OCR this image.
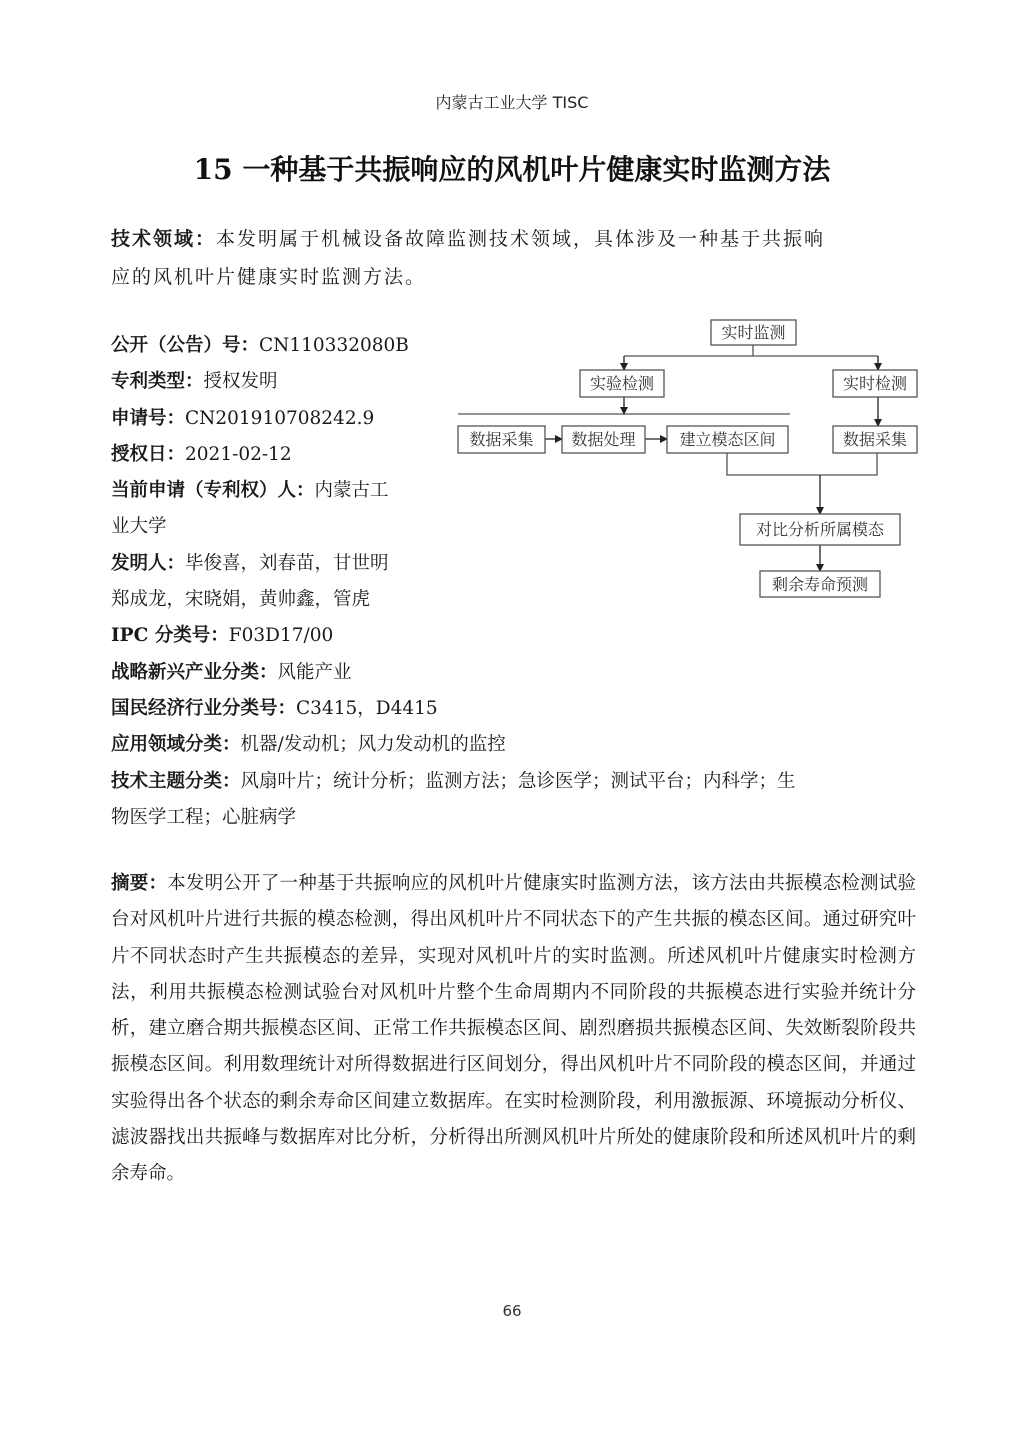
内蒙古工业大学 TISC
15 一种基于共振响应的风机叶片健康实时监测方法
技术领域：本发明属于机械设备故障监测技术领域，具体涉及一种基于共振响
应的风机叶片健康实时监测方法。
公开（公告）号：CN110332080B
专利类型：授权发明
申请号：CN201910708242.9
授权日：2021-02-12
当前申请（专利权）人：内蒙古工
业大学
发明人：毕俊喜，刘春苗，甘世明
郑成龙，宋晓娟，黄帅鑫，管虎
IPC 分类号：F03D17/00
战略新兴产业分类：风能产业
国民经济行业分类号：C3415，D4415
应用领域分类：机器/发动机；风力发动机的监控
技术主题分类：风扇叶片；统计分析；监测方法；急诊医学；测试平台；内科学；生
物医学工程；心脏病学
实时监测
实验检测	实时检测
数据采集 数据处理	建立模态区间	数据采集
对比分析所属模态
剩余寿命预测
摘要：本发明公开了一种基于共振响应的风机叶片健康实时监测方法，该方法由共振模态检测试验台对风机叶片进行共振的模态检测，得出风机叶片不同状态下的产生共振的模态区间。通过研究叶片不同状态时产生共振模态的差异，实现对风机叶片的实时监测。所述风机叶片健康实时检测方法，利用共振模态检测试验台对风机叶片整个生命周期内不同阶段的共振模态进行实验并统计分析，建立磨合期共振模态区间、正常工作共振模态区间、剧烈磨损共振模态区间、失效断裂阶段共振模态区间。利用数理统计对所得数据进行区间划分，得出风机叶片不同阶段的模态区间，并通过实验得出各个状态的剩余寿命区间建立数据库。在实时检测阶段，利用激振源、环境振动分析仪、滤波器找出共振峰与数据库对比分析，分析得出所测风机叶片所处的健康阶段和所述风机叶片的剩余寿命。
66
